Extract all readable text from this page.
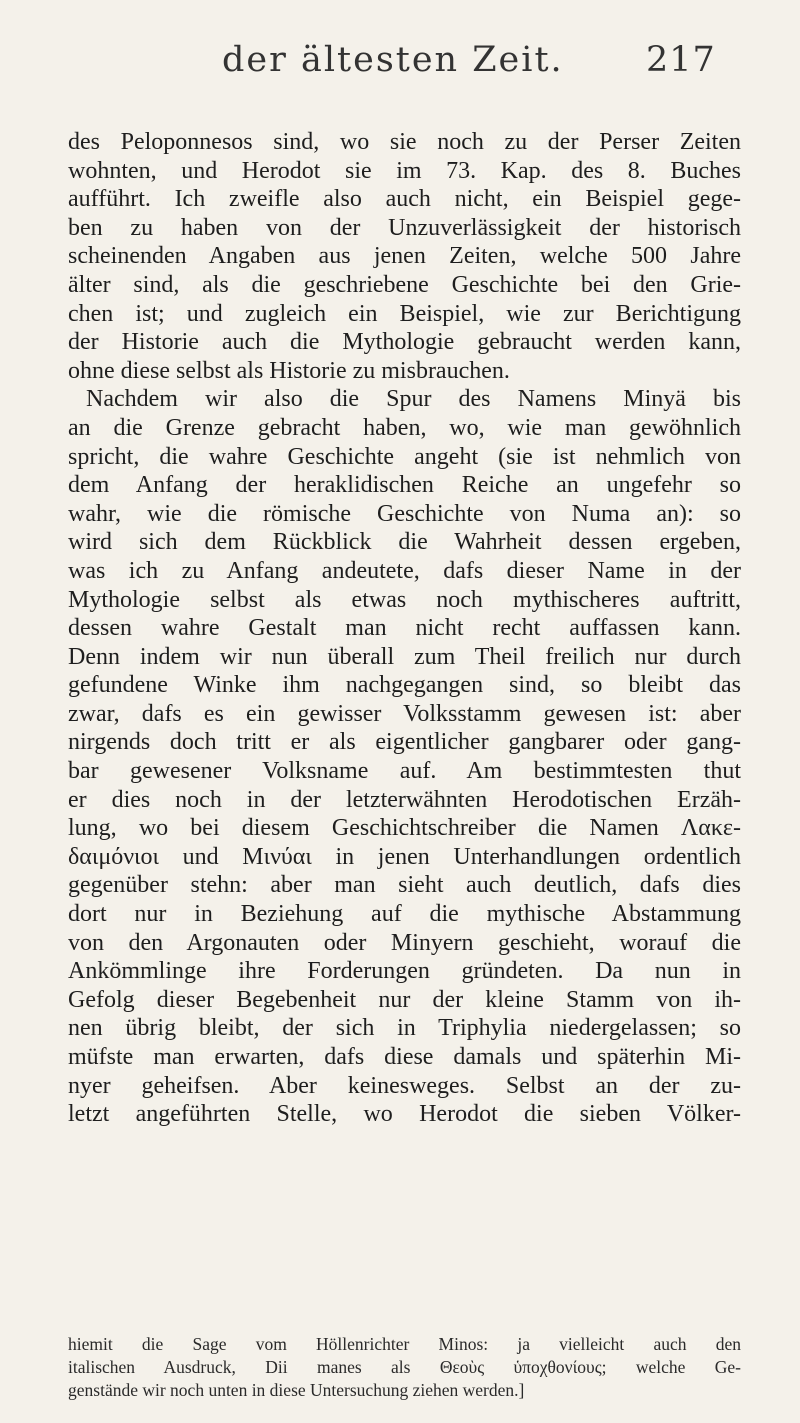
der ältesten Zeit. 217
des Peloponnesos sind, wo sie noch zu der Perser Zeiten
wohnten, und Herodot sie im 73. Kap. des 8. Buches
aufführt. Ich zweifle also auch nicht, ein Beispiel gege-
ben zu haben von der Unzuverlässigkeit der historisch
scheinenden Angaben aus jenen Zeiten, welche 500 Jahre
älter sind, als die geschriebene Geschichte bei den Grie-
chen ist; und zugleich ein Beispiel, wie zur Berichtigung
der Historie auch die Mythologie gebraucht werden kann,
ohne diese selbst als Historie zu misbrauchen.
Nachdem wir also die Spur des Namens Minyä bis
an die Grenze gebracht haben, wo, wie man gewöhnlich
spricht, die wahre Geschichte angeht (sie ist nehmlich von
dem Anfang der heraklidischen Reiche an ungefehr so
wahr, wie die römische Geschichte von Numa an): so
wird sich dem Rückblick die Wahrheit dessen ergeben,
was ich zu Anfang andeutete, dafs dieser Name in der
Mythologie selbst als etwas noch mythischeres auftritt,
dessen wahre Gestalt man nicht recht auffassen kann.
Denn indem wir nun überall zum Theil freilich nur durch
gefundene Winke ihm nachgegangen sind, so bleibt das
zwar, dafs es ein gewisser Volksstamm gewesen ist: aber
nirgends doch tritt er als eigentlicher gangbarer oder gang-
bar gewesener Volksname auf. Am bestimmtesten thut
er dies noch in der letzterwähnten Herodotischen Erzäh-
lung, wo bei diesem Geschichtschreiber die Namen Λακε-
δαιμόνιοι und Μινύαι in jenen Unterhandlungen ordentlich
gegenüber stehn: aber man sieht auch deutlich, dafs dies
dort nur in Beziehung auf die mythische Abstammung
von den Argonauten oder Minyern geschieht, worauf die
Ankömmlinge ihre Forderungen gründeten. Da nun in
Gefolg dieser Begebenheit nur der kleine Stamm von ih-
nen übrig bleibt, der sich in Triphylia niedergelassen; so
müfste man erwarten, dafs diese damals und späterhin Mi-
nyer geheifsen. Aber keinesweges. Selbst an der zu-
letzt angeführten Stelle, wo Herodot die sieben Völker-
hiemit die Sage vom Höllenrichter Minos: ja vielleicht auch den
italischen Ausdruck, Dii manes als Θεοὺς ὑποχθονίους; welche Ge-
genstände wir noch unten in diese Untersuchung ziehen werden.]
